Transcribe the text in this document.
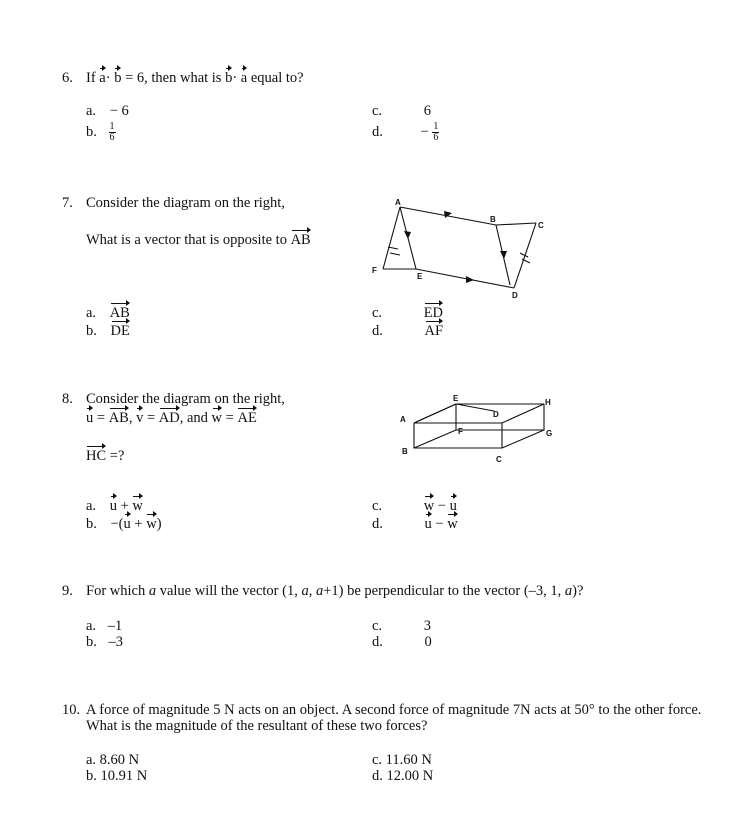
6. If a· b = 6, then what is b· a equal to?
a. − 6
b. $\frac{1}{6}$
c.	6
d.	− $\frac{1}{6}$
7. Consider the diagram on the right,
What is a vector that is opposite to AB
A
B
C
D
E
F
a. AB
b. DE
c.	ED
d.	AF
8. Consider the diagram on the right,
u = AB, v = AD, and w = AE
HC =?
A
B
C
D
E
F	G
H
a. u + w
b. −(u + w)
c.	w − u
d.	u − w
9. For which a value will the vector (1, a, a+1) be perpendicular to the vector (–3, 1, a)?
a. –1
b. –3
c.	3
d.	0
10. A force of magnitude 5 N acts on an object. A second force of magnitude 7N acts at 50° to the other force.
What is the magnitude of the resultant of these two forces?
a. 8.60 N
b. 10.91 N
c. 11.60 N
d. 12.00 N
